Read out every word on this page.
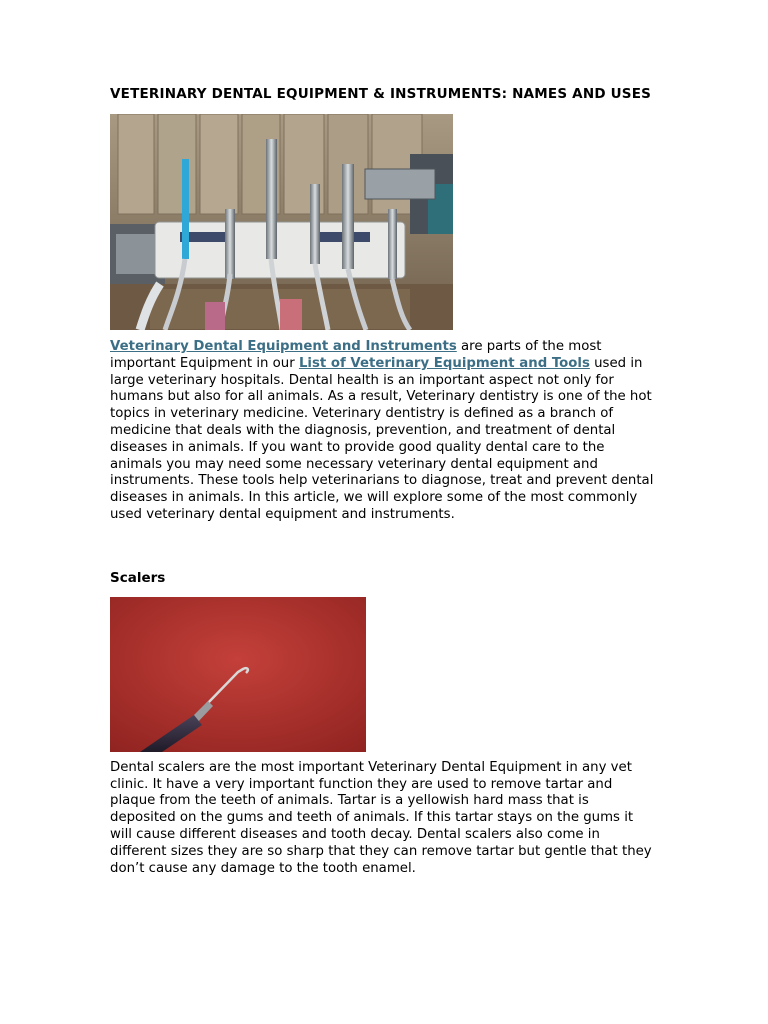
VETERINARY DENTAL EQUIPMENT & INSTRUMENTS: NAMES AND USES

Veterinary Dental Equipment and Instruments are parts of the most important Equipment in our List of Veterinary Equipment and Tools used in large veterinary hospitals. Dental health is an important aspect not only for humans but also for all animals. As a result, Veterinary dentistry is one of the hot topics in veterinary medicine. Veterinary dentistry is defined as a branch of medicine that deals with the diagnosis, prevention, and treatment of dental diseases in animals. If you want to provide good quality dental care to the animals you may need some necessary veterinary dental equipment and instruments. These tools help veterinarians to diagnose, treat and prevent dental diseases in animals. In this article, we will explore some of the most commonly used veterinary dental equipment and instruments.

Scalers

Dental scalers are the most important Veterinary Dental Equipment in any vet clinic. It have a very important function they are used to remove tartar and plaque from the teeth of animals. Tartar is a yellowish hard mass that is deposited on the gums and teeth of animals. If this tartar stays on the gums it will cause different diseases and tooth decay. Dental scalers also come in different sizes they are so sharp that they can remove tartar but gentle that they don’t cause any damage to the tooth enamel.
